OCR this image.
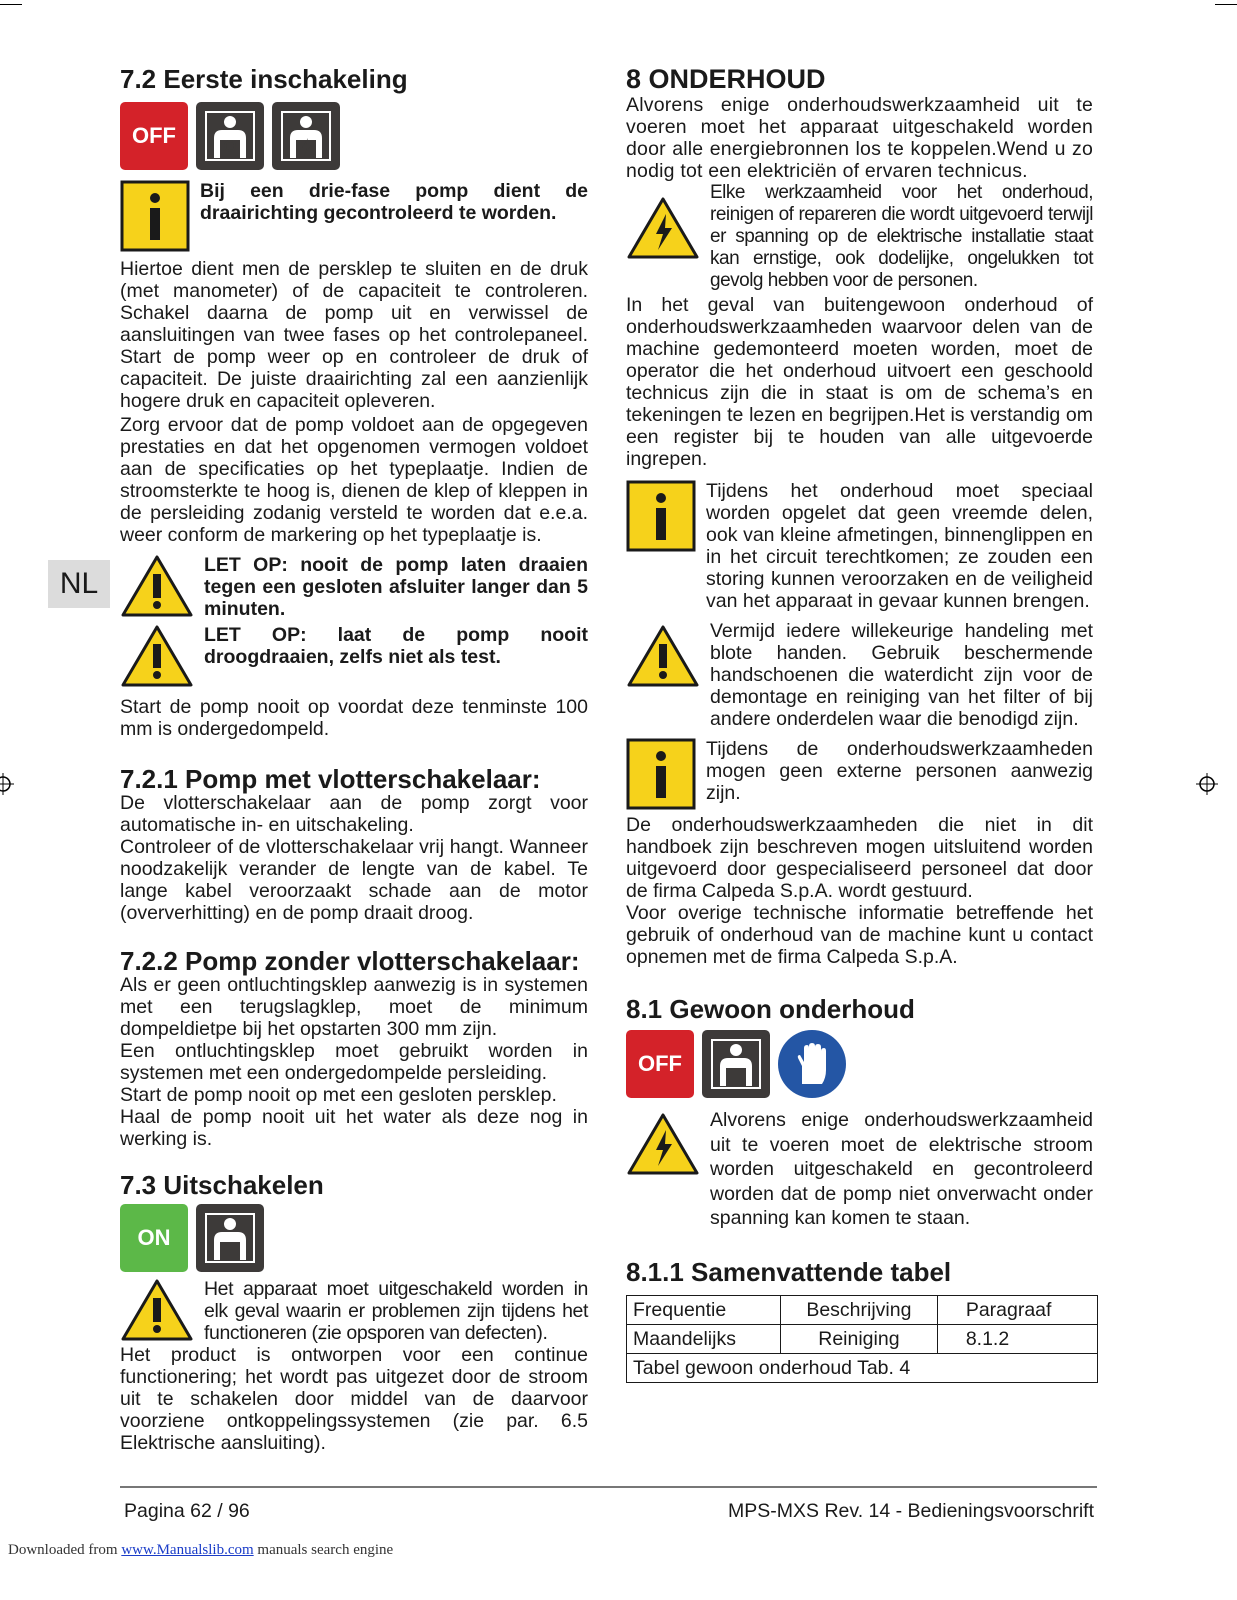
NL
7.2 Eerste inschakeling
OFF

Bij een drie-fase pomp dient de draairichting gecontroleerd te worden.

Hiertoe dient men de persklep te sluiten en de druk (met manometer) of de capaciteit te controleren. Schakel daarna de pomp uit en verwissel de aansluitingen van twee fases op het controlepaneel. Start de pomp weer op en controleer de druk of capaciteit. De juiste draairichting zal een aanzienlijk hogere druk en capaciteit opleveren.

Zorg ervoor dat de pomp voldoet aan de opgegeven prestaties en dat het opgenomen vermogen voldoet aan de specificaties op het typeplaatje. Indien de stroomsterkte te hoog is, dienen de klep of kleppen in de persleiding zodanig versteld te worden dat e.e.a. weer conform de markering op het typeplaatje is.

LET OP: nooit de pomp laten draaien tegen een gesloten afsluiter langer dan 5 minuten.

LET OP: laat de pomp nooit droogdraaien, zelfs niet als test.

Start de pomp nooit op voordat deze tenminste 100 mm is ondergedompeld.

7.2.1 Pomp met vlotterschakelaar:

De vlotterschakelaar aan de pomp zorgt voor automatische in- en uitschakeling.

Controleer of de vlotterschakelaar vrij hangt. Wanneer noodzakelijk verander de lengte van de kabel. Te lange kabel veroorzaakt schade aan de motor (oververhitting) en de pomp draait droog.

7.2.2 Pomp zonder vlotterschakelaar:

Als er geen ontluchtingsklep aanwezig is in systemen met een terugslagklep, moet de minimum dompeldietpe bij het opstarten 300 mm zijn.

Een ontluchtingsklep moet gebruikt worden in systemen met een ondergedompelde persleiding.

Start de pomp nooit op met een gesloten persklep.

Haal de pomp nooit uit het water als deze nog in werking is.

7.3 Uitschakelen
ON

Het apparaat moet uitgeschakeld worden in elk geval waarin er problemen zijn tijdens het functioneren (zie opsporen van defecten).

Het product is ontworpen voor een continue functionering; het wordt pas uitgezet door de stroom uit te schakelen door middel van de daarvoor voorziene ontkoppelingssystemen (zie par. 6.5 Elektrische aansluiting).

8 ONDERHOUD

Alvorens enige onderhoudswerkzaamheid uit te voeren moet het apparaat uitgeschakeld worden door alle energiebronnen los te koppelen.Wend u zo nodig tot een elektriciën of ervaren technicus.

Elke werkzaamheid voor het onderhoud, reinigen of repareren die wordt uitgevoerd terwijl er spanning op de elektrische installatie staat kan ernstige, ook dodelijke, ongelukken tot gevolg hebben voor de personen.

In het geval van buitengewoon onderhoud of onderhoudswerkzaamheden waarvoor delen van de machine gedemonteerd moeten worden, moet de operator die het onderhoud uitvoert een geschoold technicus zijn die in staat is om de schema’s en tekeningen te lezen en begrijpen.Het is verstandig om een register bij te houden van alle uitgevoerde ingrepen.

Tijdens het onderhoud moet speciaal worden opgelet dat geen vreemde delen, ook van kleine afmetingen, binnenglippen en in het circuit terechtkomen; ze zouden een storing kunnen veroorzaken en de veiligheid van het apparaat in gevaar kunnen brengen.

Vermijd iedere willekeurige handeling met blote handen. Gebruik beschermende handschoenen die waterdicht zijn voor de demontage en reiniging van het filter of bij andere onderdelen waar die benodigd zijn.

Tijdens de onderhoudswerkzaamheden mogen geen externe personen aanwezig zijn.

De onderhoudswerkzaamheden die niet in dit handboek zijn beschreven mogen uitsluitend worden uitgevoerd door gespecialiseerd personeel dat door de firma Calpeda S.p.A. wordt gestuurd.

Voor overige technische informatie betreffende het gebruik of onderhoud van de machine kunt u contact opnemen met de firma Calpeda S.p.A.

8.1 Gewoon onderhoud
OFF

Alvorens enige onderhoudswerkzaamheid uit te voeren moet de elektrische stroom worden uitgeschakeld en gecontroleerd worden dat de pomp niet onverwacht onder spanning kan komen te staan.

8.1.1 Samenvattende tabel
Frequentie	Beschrijving	Paragraaf
Maandelijks	Reiniging	8.1.2
Tabel gewoon onderhoud Tab. 4		
Pagina 62 / 96	MPS-MXS Rev. 14 - Bedieningsvoorschrift
Downloaded from www.Manualslib.com manuals search engine
